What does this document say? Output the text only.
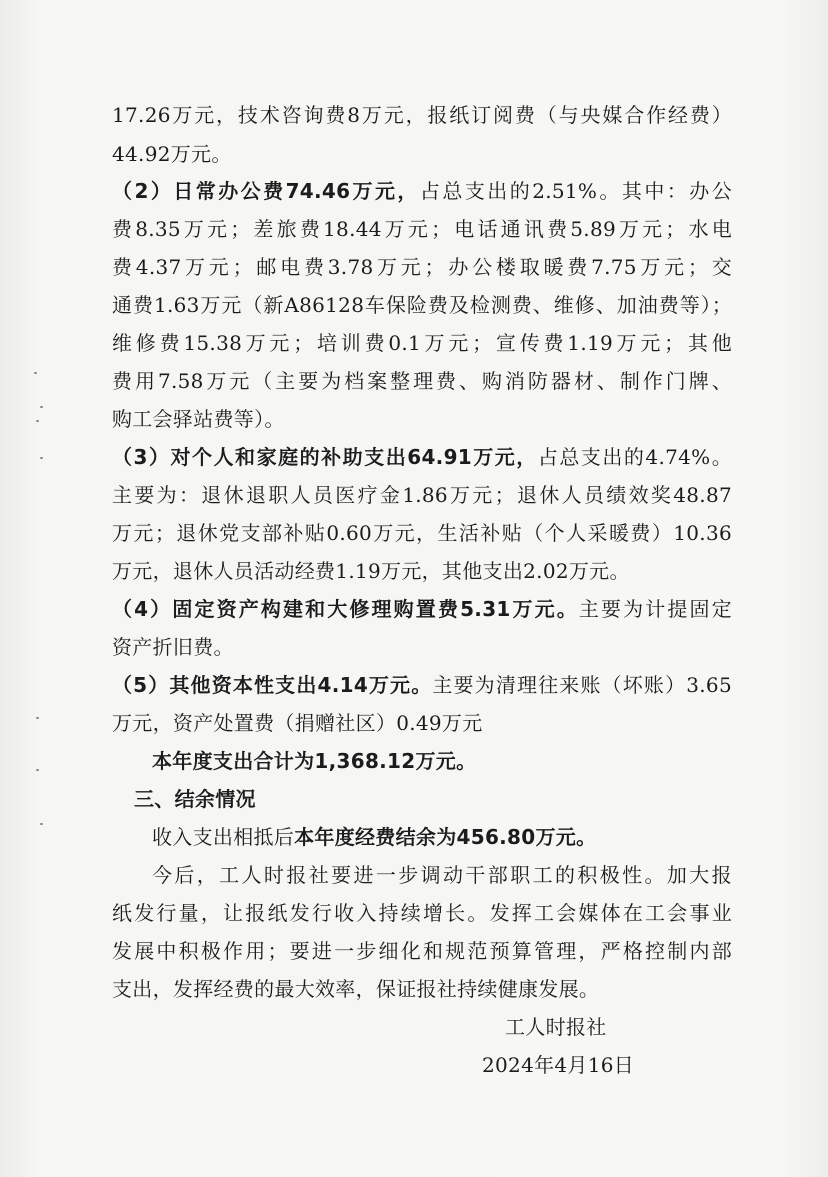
17.26万元，技术咨询费8万元，报纸订阅费（与央媒合作经费）
44.92万元。
（2）日常办公费74.46万元，占总支出的2.51%。其中：办公
费8.35万元；差旅费18.44万元；电话通讯费5.89万元；水电
费4.37万元；邮电费3.78万元；办公楼取暖费7.75万元；交
通费1.63万元（新A86128车保险费及检测费、维修、加油费等）；
维修费15.38万元；培训费0.1万元；宣传费1.19万元；其他
费用7.58万元（主要为档案整理费、购消防器材、制作门牌、
购工会驿站费等）。
（3）对个人和家庭的补助支出64.91万元，占总支出的4.74%。
主要为：退休退职人员医疗金1.86万元；退休人员绩效奖48.87
万元；退休党支部补贴0.60万元，生活补贴（个人采暖费）10.36
万元，退休人员活动经费1.19万元，其他支出2.02万元。
（4）固定资产构建和大修理购置费5.31万元。主要为计提固定
资产折旧费。
（5）其他资本性支出4.14万元。主要为清理往来账（坏账）3.65
万元，资产处置费（捐赠社区）0.49万元
本年度支出合计为1,368.12万元。
三、结余情况
收入支出相抵后本年度经费结余为456.80万元。
今后，工人时报社要进一步调动干部职工的积极性。加大报
纸发行量，让报纸发行收入持续增长。发挥工会媒体在工会事业
发展中积极作用；要进一步细化和规范预算管理，严格控制内部
支出，发挥经费的最大效率，保证报社持续健康发展。
工人时报社
2024年4月16日
